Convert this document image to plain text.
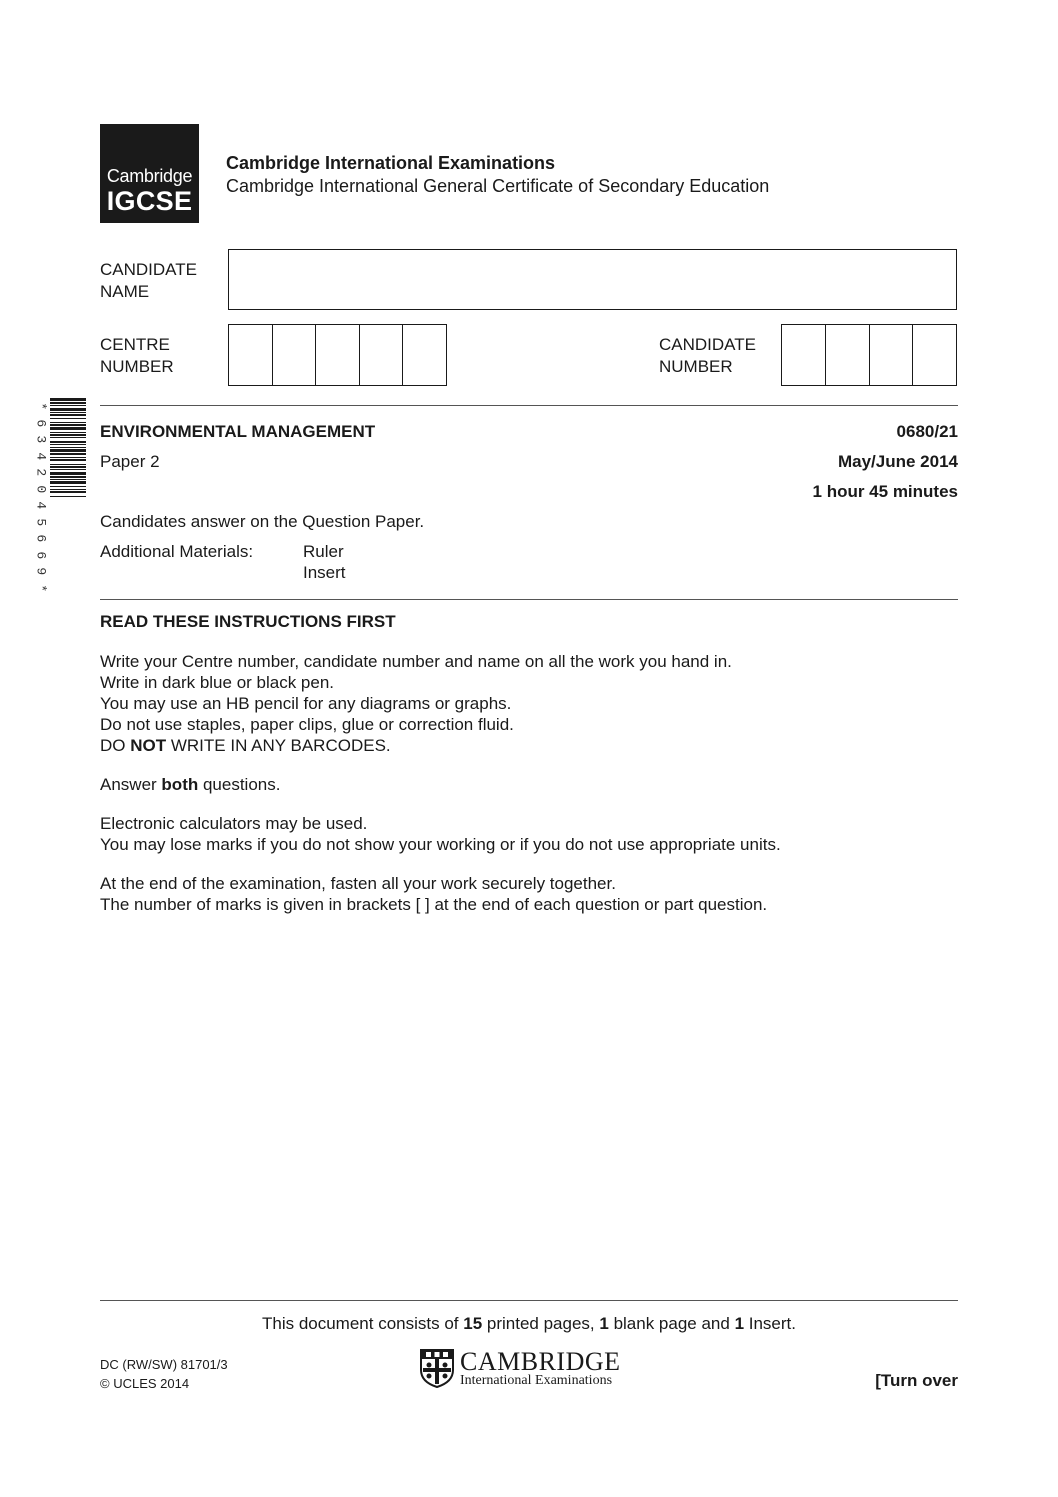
Cambridge
IGCSE
Cambridge International Examinations
Cambridge International General Certificate of Secondary Education
CANDIDATE
NAME
CENTRE
NUMBER
CANDIDATE
NUMBER
*
6
3
4
2
0
4
5
6
6
9
*
ENVIRONMENTAL MANAGEMENT	0680/21
Paper 2	May/June 2014
1 hour 45 minutes
Candidates answer on the Question Paper.
Additional Materials:	Ruler
Insert
READ THESE INSTRUCTIONS FIRST

Write your Centre number, candidate number and name on all the work you hand in.

Write in dark blue or black pen.

You may use an HB pencil for any diagrams or graphs.

Do not use staples, paper clips, glue or correction fluid.

DO NOT WRITE IN ANY BARCODES.

Answer both questions.

Electronic calculators may be used.

You may lose marks if you do not show your working or if you do not use appropriate units.

At the end of the examination, fasten all your work securely together.

The number of marks is given in brackets [ ] at the end of each question or part question.

This document consists of 15 printed pages, 1 blank page and 1 Insert.
DC (RW/SW) 81701/3
© UCLES 2014
CAMBRIDGE
International Examinations	[Turn over
